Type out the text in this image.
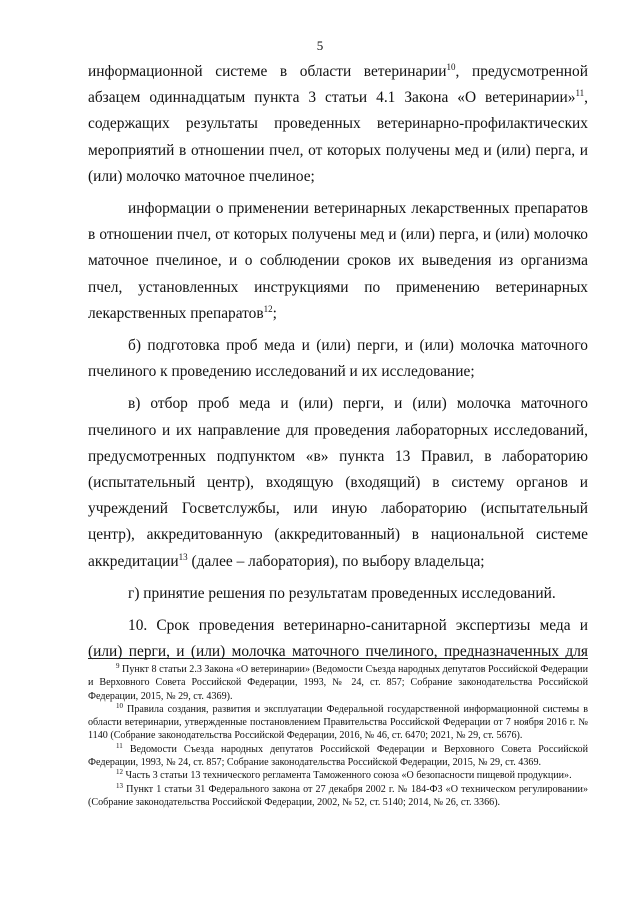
5

информационной системе в области ветеринарии$^{10}$, предусмотренной абзацем одиннадцатым пункта 3 статьи 4.1 Закона «О ветеринарии»$^{11}$, содержащих результаты проведенных ветеринарно-профилактических мероприятий в отношении пчел, от которых получены мед и (или) перга, и (или) молочко маточное пчелиное;

информации о применении ветеринарных лекарственных препаратов в отношении пчел, от которых получены мед и (или) перга, и (или) молочко маточное пчелиное, и о соблюдении сроков их выведения из организма пчел, установленных инструкциями по применению ветеринарных лекарственных препаратов$^{12}$;

б) подготовка проб меда и (или) перги, и (или) молочка маточного пчелиного к проведению исследований и их исследование;

в) отбор проб меда и (или) перги, и (или) молочка маточного пчелиного и их направление для проведения лабораторных исследований, предусмотренных подпунктом «в» пункта 13 Правил, в лабораторию (испытательный центр), входящую (входящий) в систему органов и учреждений Госветслужбы, или иную лабораторию (испытательный центр), аккредитованную (аккредитованный) в национальной системе аккредитации$^{13}$ (далее – лаборатория), по выбору владельца;

г) принятие решения по результатам проведенных исследований.

10. Срок проведения ветеринарно-санитарной экспертизы меда и (или) перги, и (или) молочка маточного пчелиного, предназначенных для

$^9$ Пункт 8 статьи 2.3 Закона «О ветеринарии» (Ведомости Съезда народных депутатов Российской Федерации и Верховного Совета Российской Федерации, 1993, № 24, ст. 857; Собрание законодательства Российской Федерации, 2015, № 29, ст. 4369).

$^{10}$ Правила создания, развития и эксплуатации Федеральной государственной информационной системы в области ветеринарии, утвержденные постановлением Правительства Российской Федерации от 7 ноября 2016 г. № 1140 (Собрание законодательства Российской Федерации, 2016, № 46, ст. 6470; 2021, № 29, ст. 5676).

$^{11}$ Ведомости Съезда народных депутатов Российской Федерации и Верховного Совета Российской Федерации, 1993, № 24, ст. 857; Собрание законодательства Российской Федерации, 2015, № 29, ст. 4369.

$^{12}$ Часть 3 статьи 13 технического регламента Таможенного союза «О безопасности пищевой продукции».

$^{13}$ Пункт 1 статьи 31 Федерального закона от 27 декабря 2002 г. № 184-ФЗ «О техническом регулировании» (Собрание законодательства Российской Федерации, 2002, № 52, ст. 5140; 2014, № 26, ст. 3366).
